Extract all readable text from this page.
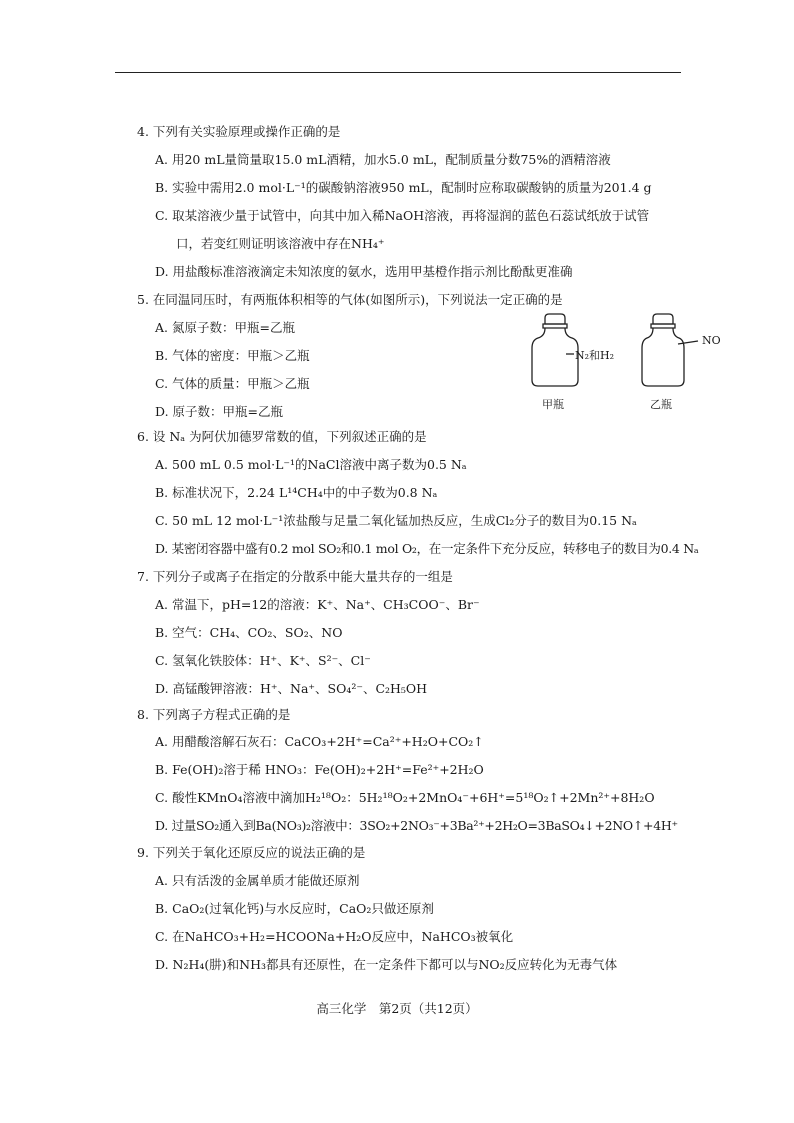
4. 下列有关实验原理或操作正确的是
A. 用20 mL量筒量取15.0 mL酒精，加水5.0 mL，配制质量分数75%的酒精溶液
B. 实验中需用2.0 mol·L⁻¹的碳酸钠溶液950 mL，配制时应称取碳酸钠的质量为201.4 g
C. 取某溶液少量于试管中，向其中加入稀NaOH溶液，再将湿润的蓝色石蕊试纸放于试管
口，若变红则证明该溶液中存在NH₄⁺
D. 用盐酸标准溶液滴定未知浓度的氨水，选用甲基橙作指示剂比酚酞更准确
5. 在同温同压时，有两瓶体积相等的气体(如图所示)，下列说法一定正确的是
A. 氮原子数：甲瓶=乙瓶
B. 气体的密度：甲瓶＞乙瓶
C. 气体的质量：甲瓶＞乙瓶
D. 原子数：甲瓶=乙瓶
N₂和H₂
NO
甲瓶	乙瓶
6. 设 Nₐ 为阿伏加德罗常数的值，下列叙述正确的是
A. 500 mL 0.5 mol·L⁻¹的NaCl溶液中离子数为0.5 Nₐ
B. 标准状况下，2.24 L¹⁴CH₄中的中子数为0.8 Nₐ
C. 50 mL 12 mol·L⁻¹浓盐酸与足量二氧化锰加热反应，生成Cl₂分子的数目为0.15 Nₐ
D. 某密闭容器中盛有0.2 mol SO₂和0.1 mol O₂，在一定条件下充分反应，转移电子的数目为0.4 Nₐ
7. 下列分子或离子在指定的分散系中能大量共存的一组是
A. 常温下，pH=12的溶液：K⁺、Na⁺、CH₃COO⁻、Br⁻
B. 空气：CH₄、CO₂、SO₂、NO
C. 氢氧化铁胶体：H⁺、K⁺、S²⁻、Cl⁻
D. 高锰酸钾溶液：H⁺、Na⁺、SO₄²⁻、C₂H₅OH
8. 下列离子方程式正确的是
A. 用醋酸溶解石灰石：CaCO₃+2H⁺=Ca²⁺+H₂O+CO₂↑
B. Fe(OH)₂溶于稀 HNO₃：Fe(OH)₂+2H⁺=Fe²⁺+2H₂O
C. 酸性KMnO₄溶液中滴加H₂¹⁸O₂：5H₂¹⁸O₂+2MnO₄⁻+6H⁺=5¹⁸O₂↑+2Mn²⁺+8H₂O
D. 过量SO₂通入到Ba(NO₃)₂溶液中：3SO₂+2NO₃⁻+3Ba²⁺+2H₂O=3BaSO₄↓+2NO↑+4H⁺
9. 下列关于氧化还原反应的说法正确的是
A. 只有活泼的金属单质才能做还原剂
B. CaO₂(过氧化钙)与水反应时，CaO₂只做还原剂
C. 在NaHCO₃+H₂=HCOONa+H₂O反应中，NaHCO₃被氧化
D. N₂H₄(肼)和NH₃都具有还原性，在一定条件下都可以与NO₂反应转化为无毒气体
高三化学　第2页（共12页）
